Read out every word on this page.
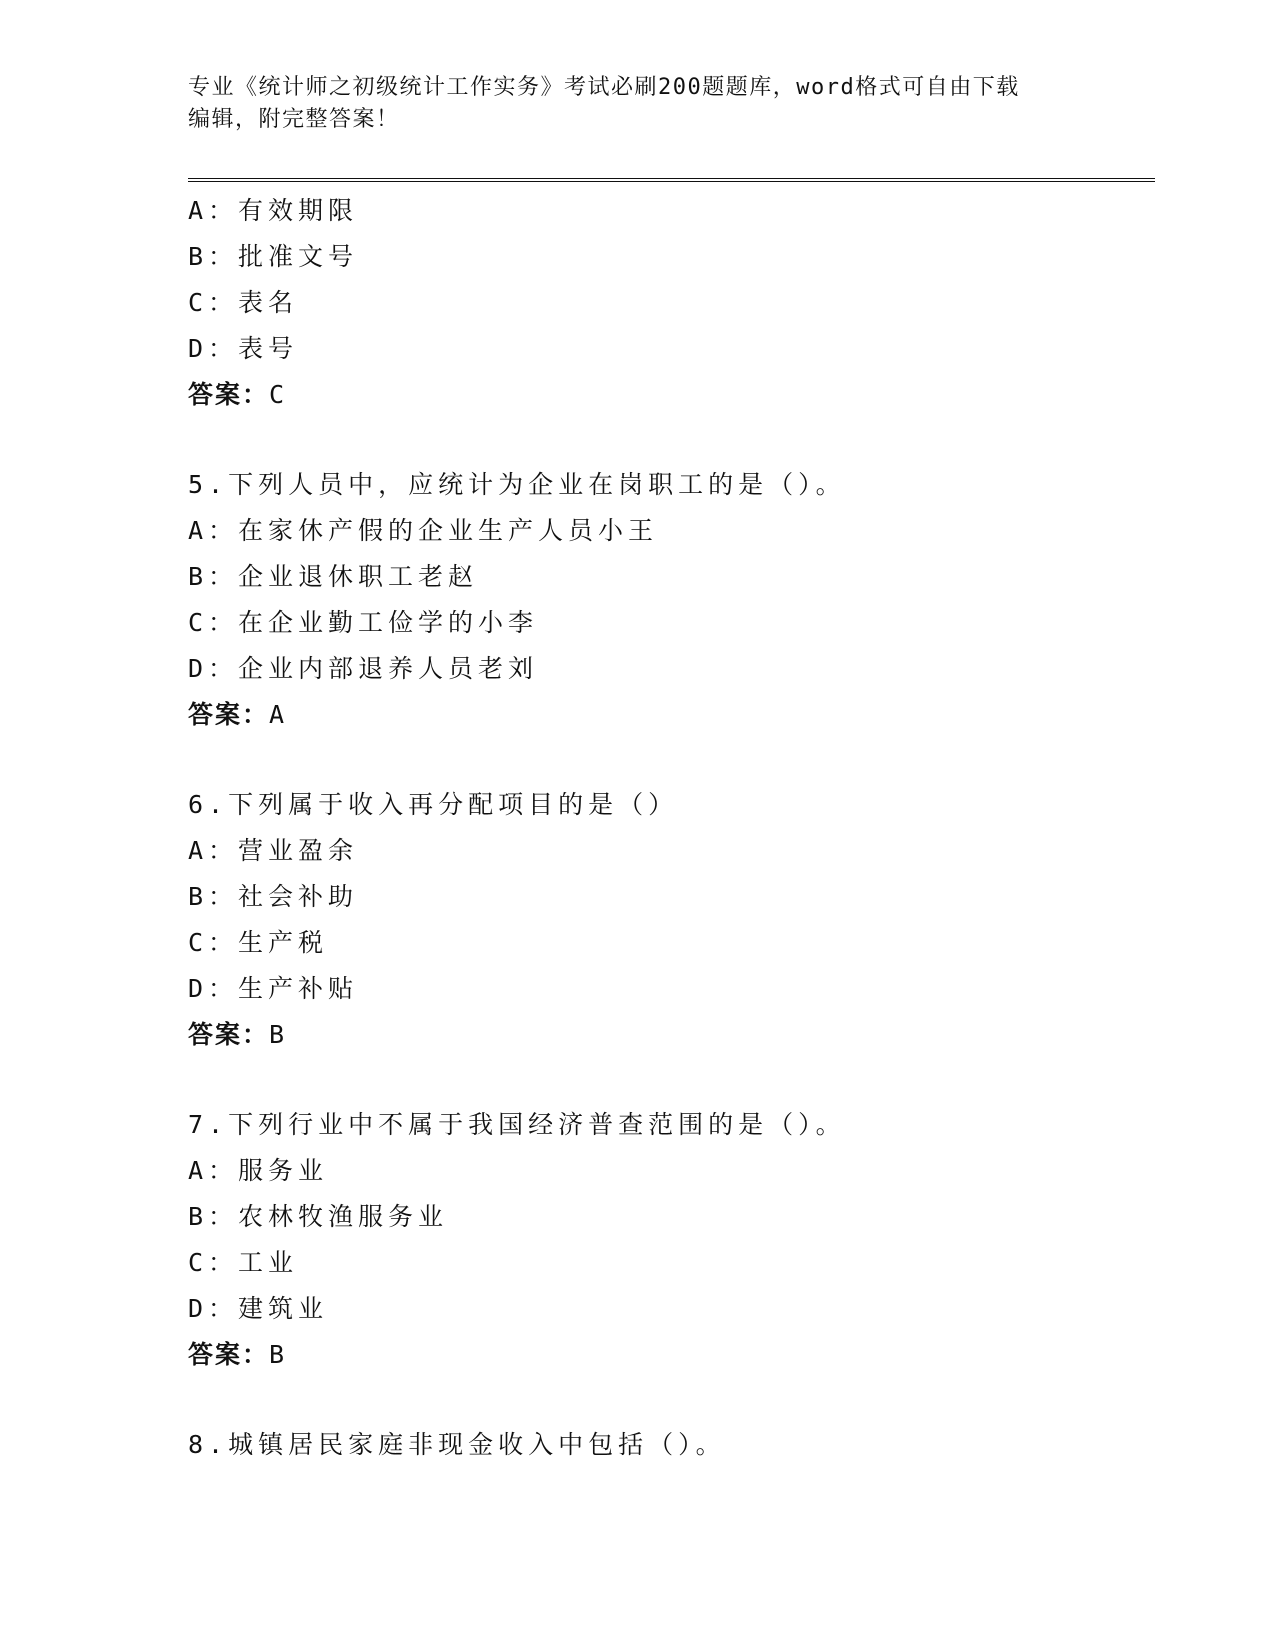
专业《统计师之初级统计工作实务》考试必刷200题题库，word格式可自由下载
编辑，附完整答案！
A：有效期限
B：批准文号
C：表名
D：表号
答案：C
5.下列人员中，应统计为企业在岗职工的是（）。
A：在家休产假的企业生产人员小王
B：企业退休职工老赵
C：在企业勤工俭学的小李
D：企业内部退养人员老刘
答案：A
6.下列属于收入再分配项目的是（）
A：营业盈余
B：社会补助
C：生产税
D：生产补贴
答案：B
7.下列行业中不属于我国经济普查范围的是（）。
A：服务业
B：农林牧渔服务业
C：工业
D：建筑业
答案：B
8.城镇居民家庭非现金收入中包括（）。
